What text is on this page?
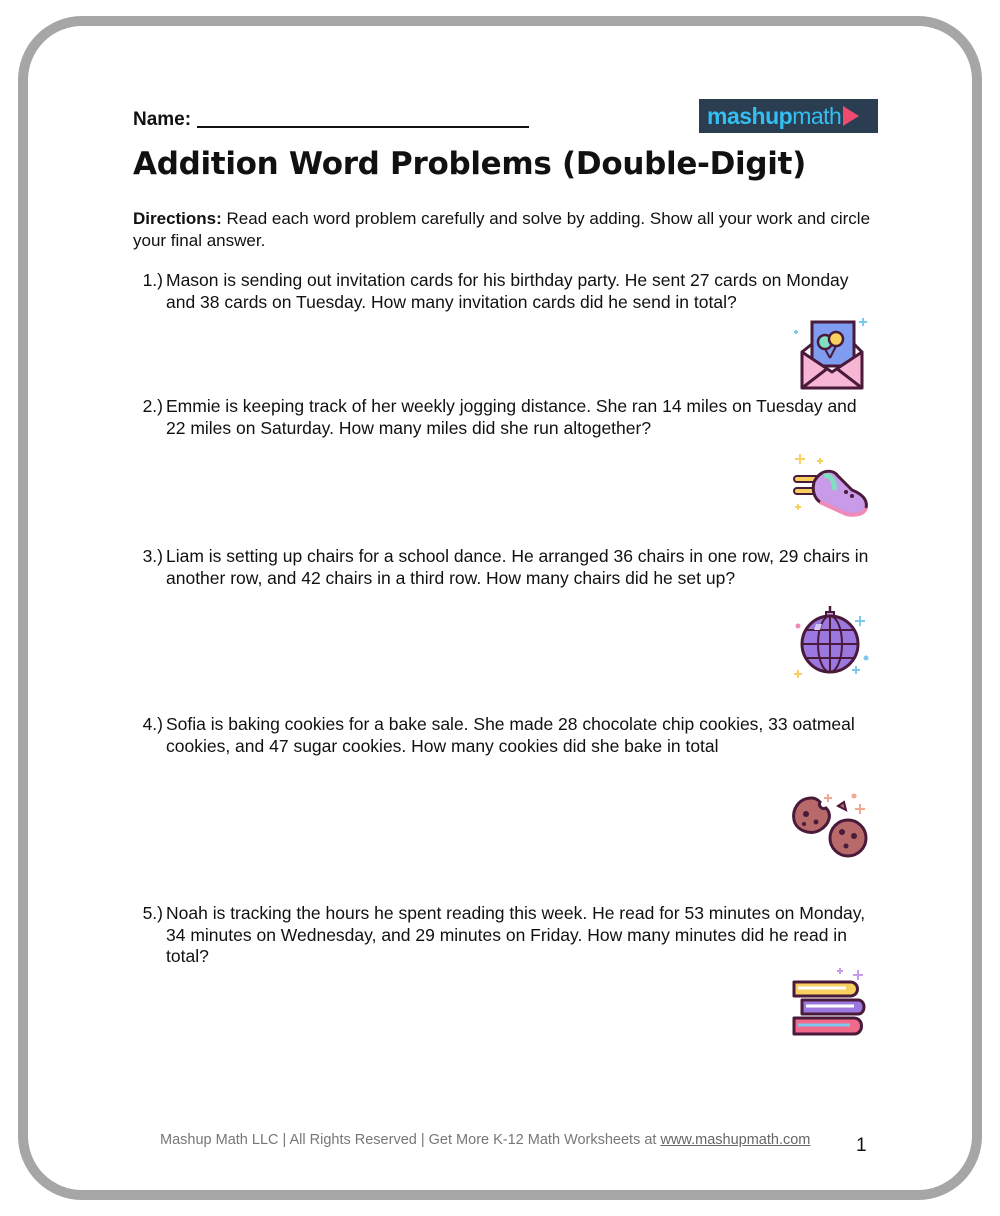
Name:	mashupmath
Addition Word Problems (Double-Digit)
Directions: Read each word problem carefully and solve by adding. Show all your work and circle your final answer.
1.) Mason is sending out invitation cards for his birthday party. He sent 27 cards on Monday and 38 cards on Tuesday. How many invitation cards did he send in total?
2.) Emmie is keeping track of her weekly jogging distance. She ran 14 miles on Tuesday and 22 miles on Saturday. How many miles did she run altogether?
3.) Liam is setting up chairs for a school dance. He arranged 36 chairs in one row, 29 chairs in another row, and 42 chairs in a third row. How many chairs did he set up?
4.) Sofia is baking cookies for a bake sale. She made 28 chocolate chip cookies, 33 oatmeal cookies, and 47 sugar cookies. How many cookies did she bake in total
5.) Noah is tracking the hours he spent reading this week. He read for 53 minutes on Monday, 34 minutes on Wednesday, and 29 minutes on Friday. How many minutes did he read in total?
Mashup Math LLC | All Rights Reserved | Get More K-12 Math Worksheets at www.mashupmath.com	1
